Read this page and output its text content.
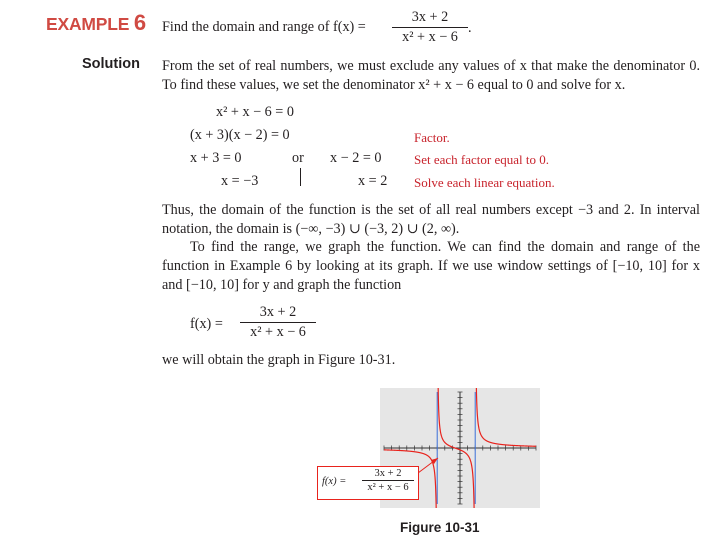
EXAMPLE 6 Find the domain and range of f(x) =
3x + 2
x² + x − 6
.
Solution From the set of real numbers, we must exclude any values of x that make the denominator 0. To find these values, we set the denominator x² + x − 6 equal to 0 and solve for x.
x² + x − 6 = 0
(x + 3)(x − 2) = 0	Factor.
x + 3 = 0	or x − 2 = 0	Set each factor equal to 0.
x = −3	x = 2 Solve each linear equation.
Thus, the domain of the function is the set of all real numbers except −3 and 2. In interval notation, the domain is (−∞, −3) ∪ (−3, 2) ∪ (2, ∞).
To find the range, we graph the function. We can find the domain and range of the function in Example 6 by looking at its graph. If we use window settings of [−10, 10] for x and [−10, 10] for y and graph the function
f(x) =
3x + 2
x² + x − 6
we will obtain the graph in Figure 10-31.
f(x) =
3x + 2
x² + x − 6
Figure 10-31
